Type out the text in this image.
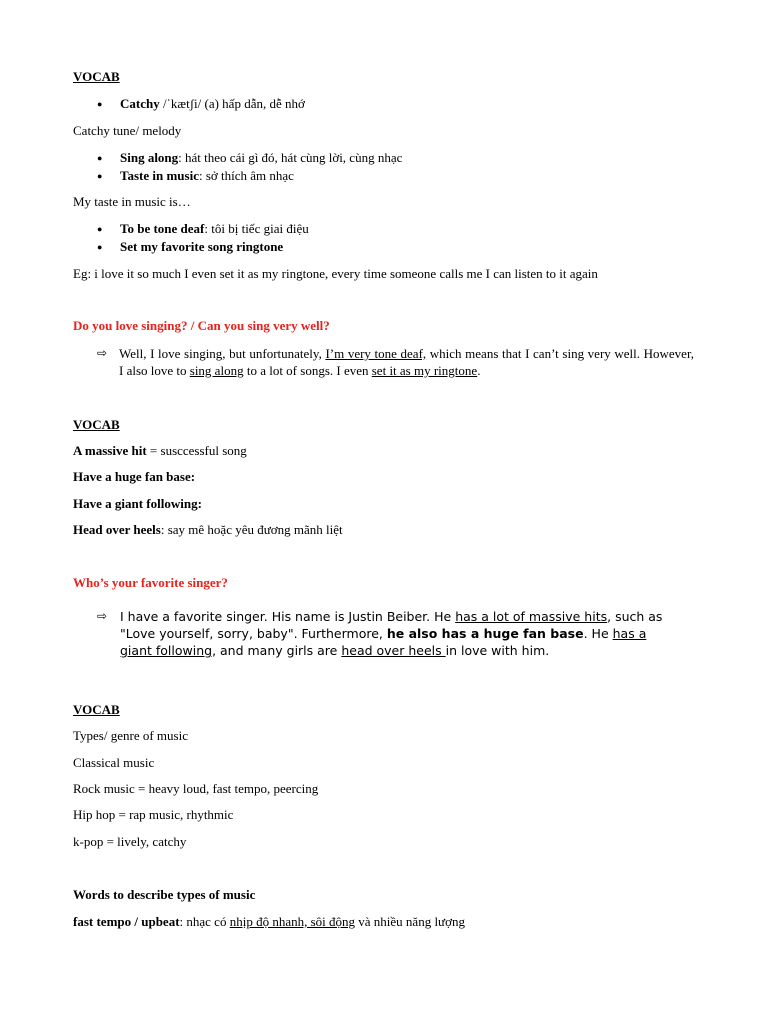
VOCAB
● Catchy /ˈkætʃi/ (a) hấp dẫn, dễ nhớ
Catchy tune/ melody
● Sing along: hát theo cái gì đó, hát cùng lời, cùng nhạc
● Taste in music: sở thích âm nhạc
My taste in music is…
● To be tone deaf: tôi bị tiếc giai điệu
● Set my favorite song ringtone
Eg: i love it so much I even set it as my ringtone, every time someone calls me I can listen to it again
Do you love singing? / Can you sing very well?
⇨ Well, I love singing, but unfortunately, I’m very tone deaf, which means that I can’t sing very well. However, I also love to sing along to a lot of songs. I even set it as my ringtone.
VOCAB
A massive hit = susccessful song
Have a huge fan base:
Have a giant following:
Head over heels: say mê hoặc yêu đương mãnh liệt
Who’s your favorite singer?
⇨ I have a favorite singer. His name is Justin Beiber. He has a lot of massive hits, such as "Love yourself, sorry, baby". Furthermore, he also has a huge fan base. He has a giant following, and many girls are head over heels in love with him.
VOCAB
Types/ genre of music
Classical music
Rock music = heavy loud, fast tempo, peercing
Hip hop = rap music, rhythmic
k-pop = lively, catchy
Words to describe types of music
fast tempo / upbeat: nhạc có nhịp độ nhanh, sôi động và nhiều năng lượng
